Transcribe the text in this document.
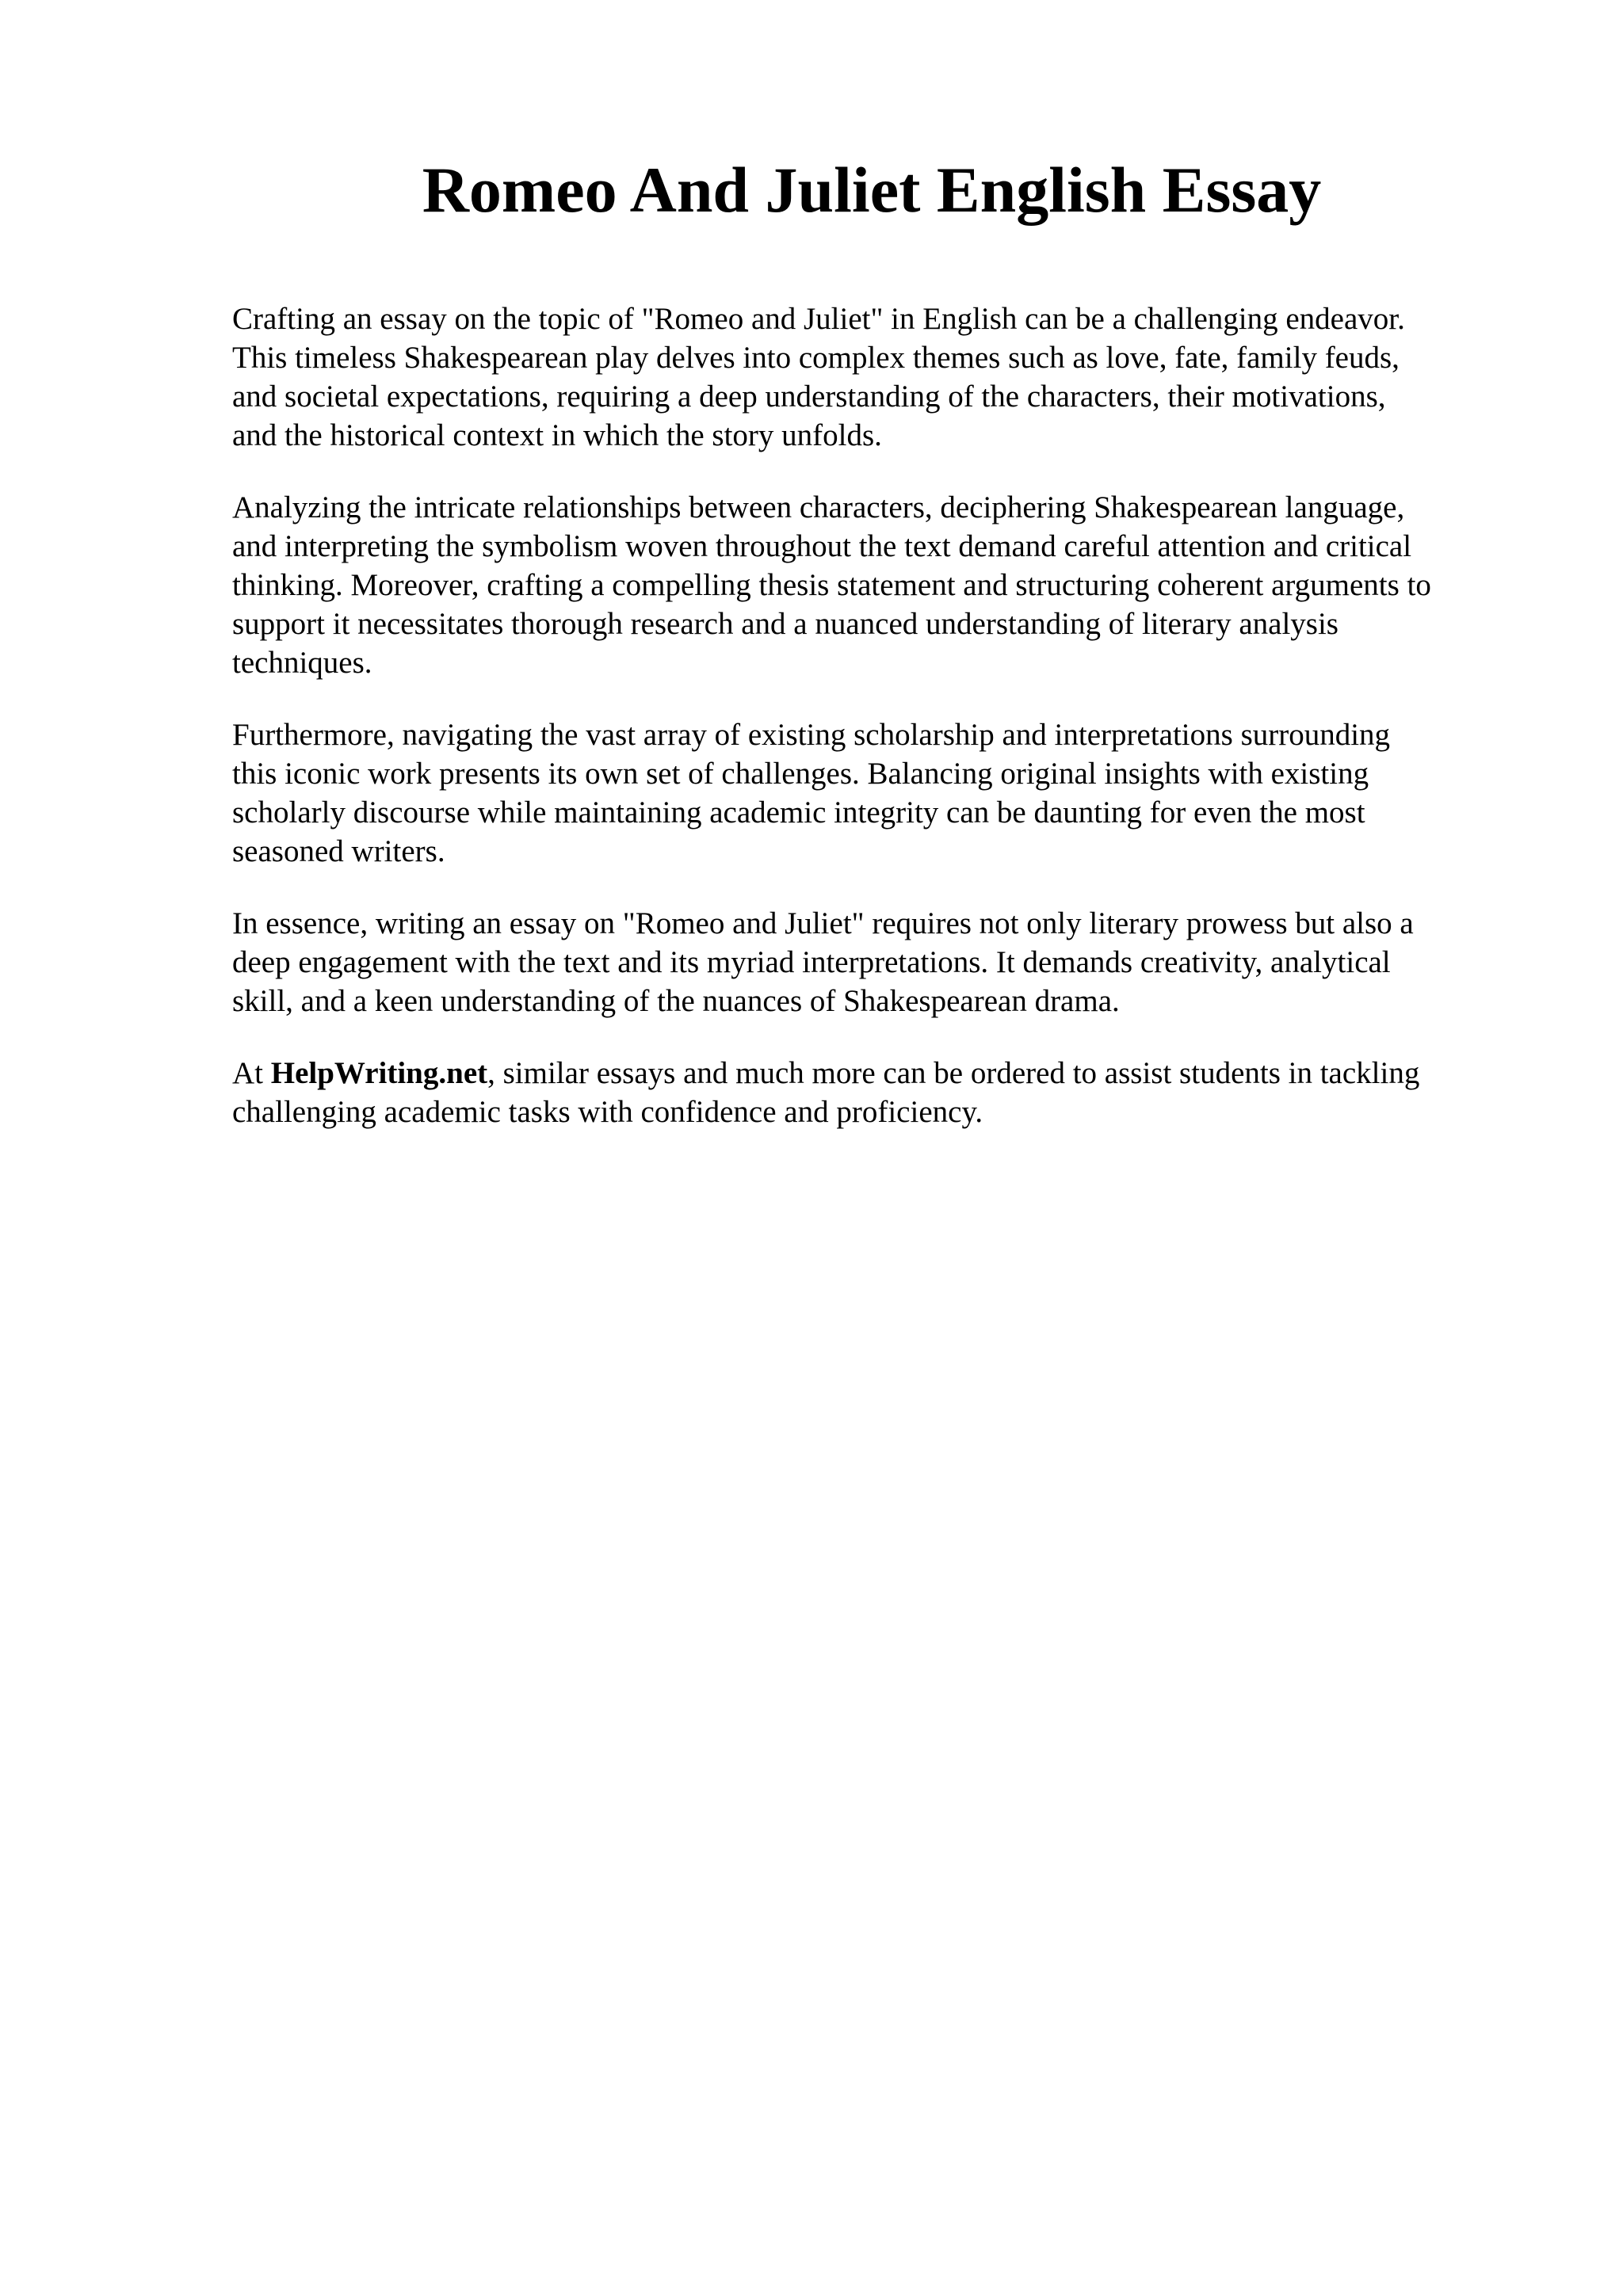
Romeo And Juliet English Essay

Crafting an essay on the topic of "Romeo and Juliet" in English can be a challenging endeavor.
This timeless Shakespearean play delves into complex themes such as love, fate, family feuds,
and societal expectations, requiring a deep understanding of the characters, their motivations,
and the historical context in which the story unfolds.

Analyzing the intricate relationships between characters, deciphering Shakespearean language,
and interpreting the symbolism woven throughout the text demand careful attention and critical
thinking. Moreover, crafting a compelling thesis statement and structuring coherent arguments to
support it necessitates thorough research and a nuanced understanding of literary analysis
techniques.

Furthermore, navigating the vast array of existing scholarship and interpretations surrounding
this iconic work presents its own set of challenges. Balancing original insights with existing
scholarly discourse while maintaining academic integrity can be daunting for even the most
seasoned writers.

In essence, writing an essay on "Romeo and Juliet" requires not only literary prowess but also a
deep engagement with the text and its myriad interpretations. It demands creativity, analytical
skill, and a keen understanding of the nuances of Shakespearean drama.

At HelpWriting.net, similar essays and much more can be ordered to assist students in tackling
challenging academic tasks with confidence and proficiency.
